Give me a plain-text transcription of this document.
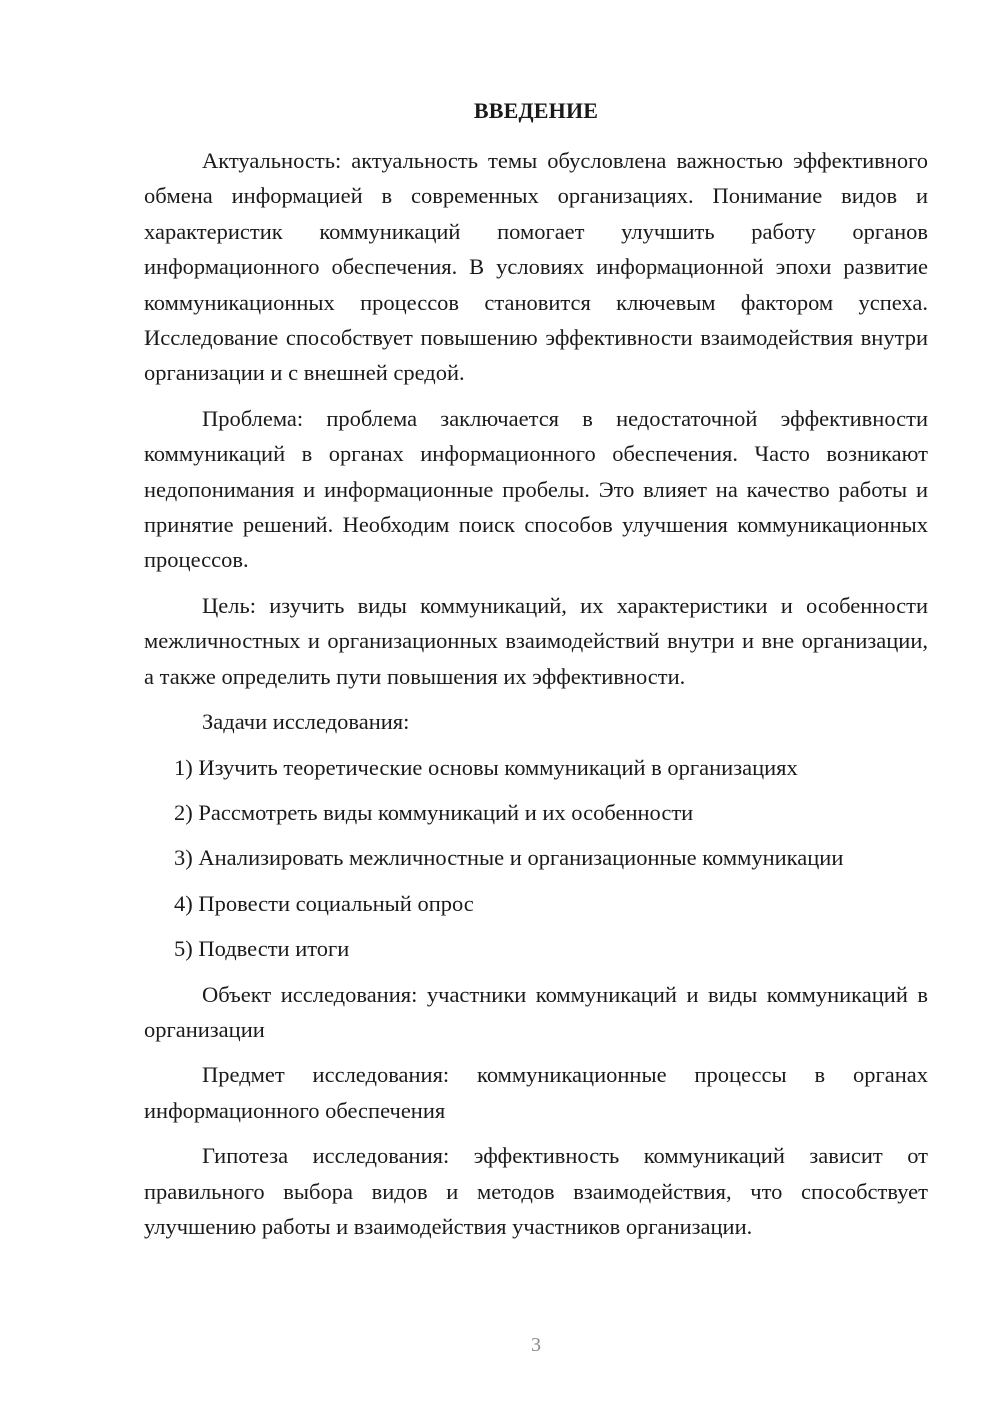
ВВЕДЕНИЕ

Актуальность: актуальность темы обусловлена важностью эффективного обмена информацией в современных организациях. Понимание видов и характеристик коммуникаций помогает улучшить работу органов информационного обеспечения. В условиях информационной эпохи развитие коммуникационных процессов становится ключевым фактором успеха. Исследование способствует повышению эффективности взаимодействия внутри организации и с внешней средой.

Проблема: проблема заключается в недостаточной эффективности коммуникаций в органах информационного обеспечения. Часто возникают недопонимания и информационные пробелы. Это влияет на качество работы и принятие решений. Необходим поиск способов улучшения коммуникационных процессов.

Цель: изучить виды коммуникаций, их характеристики и особенности межличностных и организационных взаимодействий внутри и вне организации, а также определить пути повышения их эффективности.

Задачи исследования:

1) Изучить теоретические основы коммуникаций в организациях
2) Рассмотреть виды коммуникаций и их особенности
3) Анализировать межличностные и организационные коммуникации
4) Провести социальный опрос
5) Подвести итоги

Объект исследования: участники коммуникаций и виды коммуникаций в организации

Предмет исследования: коммуникационные процессы в органах информационного обеспечения

Гипотеза исследования: эффективность коммуникаций зависит от правильного выбора видов и методов взаимодействия, что способствует улучшению работы и взаимодействия участников организации.

3
